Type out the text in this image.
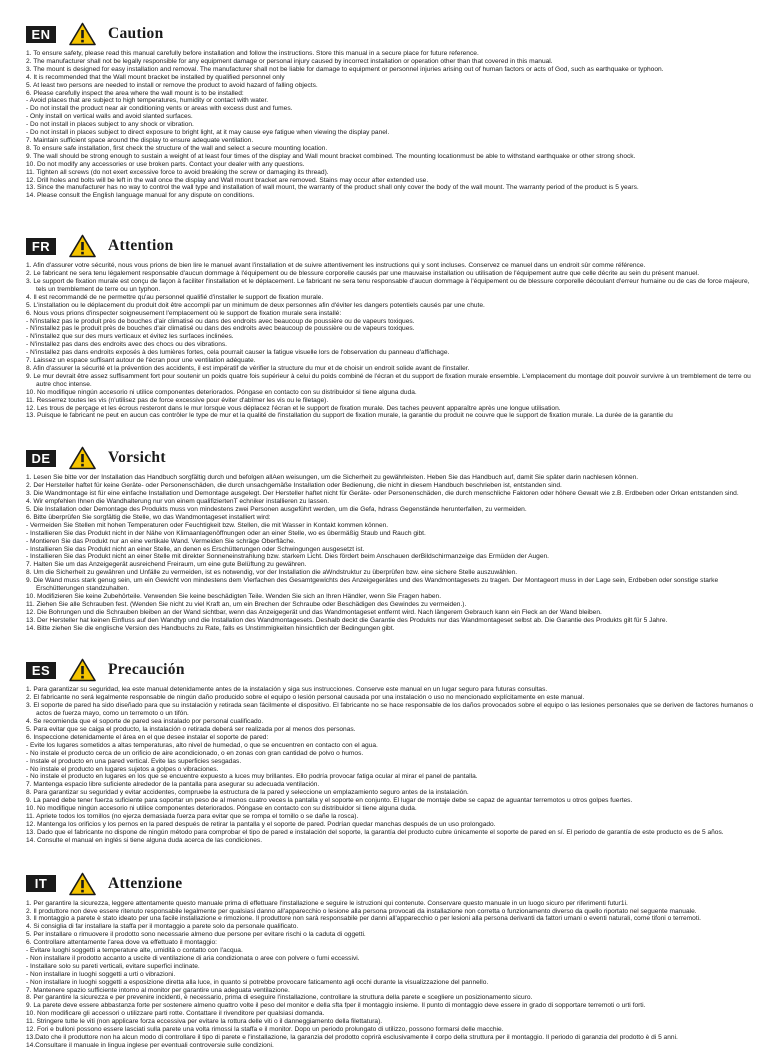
EN	Caution
1. To ensure safety, please read this manual carefully before installation and follow the instructions. Store this manual in a secure place for future reference.
2. The manufacturer shall not be legally responsible for any equipment damage or personal injury caused by incorrect installation or operation other than that covered in this manual.
3. The mount is designed for easy installation and removal. The manufacturer shall not be liable for damage to equipment or personnel injuries arising out of human factors or acts of God, such as earthquake or typhoon.
4. It is recommended that the Wall mount bracket be installed by qualified personnel only
5. At least two persons are needed to install or remove the product to avoid hazard of falling objects.
6. Please carefully inspect the area where the wall mount is to be installed:
- Avoid places that are subject to high temperatures, humidity or contact with water.
- Do not install the product near air conditioning vents or areas with excess dust and fumes.
- Only install on vertical walls and avoid slanted surfaces.
- Do not install in places subject to any shock or vibration.
- Do not install in places subject to direct exposure to bright light, at it may cause eye fatigue when viewing the display panel.
7. Maintain sufficient space around the display to ensure adequate ventilation.
8. To ensure safe installation, first check the structure of the wall and select a secure mounting location.
9. The wall should be strong enough to sustain a weight of at least four times of the display and Wall mount bracket combined. The mounting locationmust be able to withstand earthquake or other strong shock.
10. Do not modify any accessories or use broken parts. Contact your dealer with any questions.
11. Tighten all screws (do not exert excessive force to avoid breaking the screw or damaging its thread).
12. Drill holes and bolts will be left in the wall once the display and Wall mount bracket are removed. Stains may occur after extended use.
13. Since the manufacturer has no way to control the wall type and installation of wall mount, the warranty of the product shall only cover the body of the wall mount. The warranty period of the product is 5 years.
14. Please consult the English language manual for any dispute on conditions.
FR	Attention
1. Afin d'assurer votre sécurité, nous vous prions de bien lire le manuel avant l'installation et de suivre attentivement les instructions qui y sont incluses. Conservez ce manuel dans un endroit sûr comme référence.
2. Le fabricant ne sera tenu légalement responsable d'aucun dommage à l'équipement ou de blessure corporelle causés par une mauvaise installation ou utilisation de l'équipement autre que celle décrite au sein du présent manuel.
3. Le support de fixation murale est conçu de façon à faciliter l'installation et le déplacement. Le fabricant ne sera tenu responsable d'aucun dommage à l'équipement ou de blessure corporelle découlant d'erreur humaine ou de cas de force majeure, tels un tremblement de terre ou un typhon.
4. Il est recommandé de ne permettre qu'au personnel qualifié d'installer le support de fixation murale.
5. L'installation ou le déplacement du produit doit être accompli par un minimum de deux personnes afin d'éviter les dangers potentiels causés par une chute.
6. Nous vous prions d'inspecter soigneusement l'emplacement où le support de fixation murale sera installé:
- N'installez pas le produit près de bouches d'air climatisé ou dans des endroits avec beaucoup de poussière ou de vapeurs toxiques.
- N'installez pas le produit près de bouches d'air climatisé ou dans des endroits avec beaucoup de poussière ou de vapeurs toxiques.
- N'installez que sur des murs verticaux et évitez les surfaces inclinées.
- N'installez pas dans des endroits avec des chocs ou des vibrations.
- N'installez pas dans endroits exposés à des lumières fortes, cela pourrait causer la fatigue visuelle lors de l'observation du panneau d'affichage.
7. Laissez un espace suffisant autour de l'écran pour une ventilation adéquate.
8. Afin d'assurer la sécurité et la prévention des accidents, il est impératif de vérifier la structure du mur et de choisir un endroit solide avant de l'installer.
9. Le mur devrait être assez suffisamment fort pour soutenir un poids quatre fois supérieur à celui du poids combiné de l'écran et du support de fixation murale ensemble. L'emplacement du montage doit pouvoir survivre à un tremblement de terre ou autre choc intense.
10. No modifique ningún accesorio ni utilice componentes deteriorados. Póngase en contacto con su distribuidor si tiene alguna duda.
11. Resserrez toutes les vis (n'utilisez pas de force excessive pour éviter d'abîmer les vis ou le filetage).
12. Les trous de perçage et les écrous resteront dans le mur lorsque vous déplacez l'écran et le support de fixation murale. Des taches peuvent apparaître après une longue utilisation.
13. Puisque le fabricant ne peut en aucun cas contrôler le type de mur et la qualité de l'installation du support de fixation murale, la garantie du produit ne couvre que le support de fixation murale. La durée de la garantie du
DE	Vorsicht
1. Lesen Sie bitte vor der Installation das Handbuch sorgfältig durch und befolgen allAen weisungen, um die Sicherheit zu gewährleisten. Heben Sie das Handbuch auf, damit Sie später darin nachlesen können.
2. Der Hersteller haftet für keine Geräte- oder Personenschäden, die durch unsachgemäße Installation oder Bedienung, die nicht in diesem Handbuch beschrieben ist, entstanden sind.
3. Die Wandmontage ist für eine einfache Installation und Demontage ausgelegt. Der Hersteller haftet nicht für Geräte- oder Personenschäden, die durch menschliche Faktoren oder höhere Gewalt wie z.B. Erdbeben oder Orkan entstanden sind.
4. Wir empfehlen Ihnen die Wandhalterung nur von einem qualifiziertenT echniker installieren zu lassen.
5. Die Installation oder Demontage des Produkts muss von mindestens zwei Personen ausgeführt werden, um die Gefa, hdrass Gegenstände herunterfallen, zu vermeiden.
6. Bitte überprüfen Sie sorgfältig die Stelle, wo das Wandmontageset installiert wird:
- Vermeiden Sie Stellen mit hohen Temperaturen oder Feuchtigkeit bzw. Stellen, die mit Wasser in Kontakt kommen können.
- Installieren Sie das Produkt nicht in der Nähe von Klimaanlagenöffnungen oder an einer Stelle, wo es übermäßig Staub und Rauch gibt.
- Montieren Sie das Produkt nur an eine vertikale Wand. Vermeiden Sie schräge Oberfläche.
- Installieren Sie das Produkt nicht an einer Stelle, an denen es Erschütterungen oder Schwingungen ausgesetzt ist.
- Installieren Sie das Produkt nicht an einer Stelle mit direkter Sonneneinstrahlung bzw. starkem Licht. Dies fördert beim Anschauen derBildschirmanzeige das Ermüden der Augen.
7. Halten Sie um das Anzeigegerät ausreichend Freiraum, um eine gute Belüftung zu gewähren.
8. Um die Sicherheit zu gewähren und Unfälle zu vermeiden, ist es notwendig, vor der Installation die aWndstruktur zu überprüfen bzw. eine sichere Stelle auszuwählen.
9. Die Wand muss stark genug sein, um ein Gewicht von mindestens dem Vierfachen des Gesamtgewichts des Anzeigegerätes und des Wandmontagesets zu tragen. Der Montageort muss in der Lage sein, Erdbeben oder sonstige starke Erschütterungen standzuhalten.
10. Modifizieren Sie keine Zubehörteile. Verwenden Sie keine beschädigten Teile. Wenden Sie sich an Ihren Händler, wenn Sie Fragen haben.
11. Ziehen Sie alle Schrauben fest. (Wenden Sie nicht zu viel Kraft an, um ein Brechen der Schraube oder Beschädigen des Gewindes zu vermeiden.).
12. Die Bohrungen und die Schrauben bleiben an der Wand sichtbar, wenn das Anzeigegerät und das Wandmontageset entfernt wird. Nach längerem Gebrauch kann ein Fleck an der Wand bleiben.
13. Der Hersteller hat keinen Einfluss auf den Wandtyp und die Installation des Wandmontagesets. Deshalb deckt die Garantie des Produkts nur das Wandmontageset selbst ab. Die Garantie des Produkts gilt für 5 Jahre.
14. Bitte ziehen Sie die englische Version des Handbuchs zu Rate, falls es Unstimmigkeiten hinsichtlich der Bedingungen gibt.
ES	Precaución
1. Para garantizar su seguridad, lea este manual detenidamente antes de la instalación y siga sus instrucciones. Conserve este manual en un lugar seguro para futuras consultas.
2. El fabricante no será legalmente responsable de ningún daño producido sobre el equipo o lesión personal causada por una instalación o uso no mencionado explícitamente en este manual.
3. El soporte de pared ha sido diseñado para que su instalación y retirada sean fácilmente el dispositivo. El fabricante no se hace responsable de los daños provocados sobre el equipo o las lesiones personales que se deriven de factores humanos o actos de fuerza mayo, como un terremoto o un tifón.
4. Se recomienda que el soporte de pared sea instalado por personal cualificado.
5. Para evitar que se caiga el producto, la instalación o retirada deberá ser realizada por al menos dos personas.
6. Inspeccione detenidamente el área en el que desee instalar el soporte de pared:
- Evite los lugares sometidos a altas temperaturas, alto nivel de humedad, o que se encuentren en contacto con el agua.
- No instale el producto cerca de un orificio de aire acondicionado, o en zonas con gran cantidad de polvo o humos.
- Instale el producto en una pared vertical. Evite las superficies sesgadas.
- No instale el producto en lugares sujetos a golpes o vibraciones.
- No instale el producto en lugares en los que se encuentre expuesto a luces muy brillantes. Ello podría provocar fatiga ocular al mirar el panel de pantalla.
7. Mantenga espacio libre suficiente alrededor de la pantalla para asegurar su adecuada ventilación.
8. Para garantizar su seguridad y evitar accidentes, compruebe la estructura de la pared y seleccione un emplazamiento seguro antes de la instalación.
9. La pared debe tener fuerza suficiente para soportar un peso de al menos cuatro veces la pantalla y el soporte en conjunto. El lugar de montaje debe se capaz de aguantar terremotos u otros golpes fuertes.
10. No modifique ningún accesorio ni utilice componentes deteriorados. Póngase en contacto con su distribuidor si tiene alguna duda.
11. Apriete todos los tornillos (no ejerza demasiada fuerza para evitar que se rompa el tornillo o se dañe la rosca).
12. Mantenga los orificios y los pernos en la pared después de retirar la pantalla y el soporte de pared. Podrían quedar manchas después de un uso prolongado.
13. Dado que el fabricante no dispone de ningún método para comprobar el tipo de pared e instalación del soporte, la garantía del producto cubre únicamente el soporte de pared en sí. El periodo de garantía de este producto es de 5 años.
14. Consulte el manual en inglés si tiene alguna duda acerca de las condiciones.
IT	Attenzione
1. Per garantire la sicurezza, leggere attentamente questo manuale prima di effettuare l'installazione e seguire le istruzioni qui contenute. Conservare questo manuale in un luogo sicuro per riferimenti futur1i.
2. Il produttore non deve essere ritenuto responsabile legalmente per qualsiasi danno all'apparecchio o lesione alla persona provocati da installazione non corretta o funzionamento diverso da quello riportato nel seguente manuale.
3. Il montaggio a parete è stato ideato per una facile installazione e rimozione. Il produttore non sarà responsabile per danni all'apparecchio o per lesioni alla persona derivanti da fattori umani o eventi naturali, come tifoni o terremoti.
4. Si consiglia di far installare la staffa per il montaggio a parete solo da personale qualificato.
5. Per installare o rimuovere il prodotto sono necessarie almeno due persone per evitare rischi o la caduta di oggetti.
6. Controllare attentamente l'area dove va effettuato il montaggio:
- Evitare luoghi soggetti a temperature alte, umidità o contatto con l'acqua.
- Non installare il prodotto accanto a uscite di ventilazione di aria condizionata o aree con polvere o fumi eccessivi.
- Installare solo su pareti verticali, evitare superfici inclinate.
- Non installare in luoghi soggetti a urti o vibrazioni.
- Non installare in luoghi soggetti a esposizione diretta alla luce, in quanto si potrebbe provocare faticamento agli occhi durante la visualizzazione del pannello.
7. Mantenere spazio sufficiente intorno al monitor per garantire una adeguata ventilazione.
8. Per garantire la sicurezza e per prevenire incidenti, è necessario, prima di eseguire l'installazione, controllare la struttura della parete e scegliere un posizionamento sicuro.
9. La parete deve essere abbastanza forte per sostenere almeno quattro volte il peso del monitor e della sfta fper il montaggio insieme. Il punto di montaggio deve essere in grado di sopportare terremoti o urti forti.
10. Non modificare gli accessori o utilizzare parti rotte. Contattare il rivenditore per qualsiasi domanda.
11. Stringere tutte le viti (non applicare forza eccessiva per evitare la rottura delle viti o il danneggiamento della filettatura).
12. Fori e bulloni possono essere lasciati sulla parete una volta rimossi la staffa e il monitor. Dopo un periodo prolungato di utilizzo, possono formarsi delle macchie.
13.Dato che il produttore non ha alcun modo di controllare il tipo di parete e l'installazione, la garanzia del prodotto coprirà esclusivamente il corpo della struttura per il montaggio. Il periodo di garanzia del prodotto è di 5 anni.
14.Consultare il manuale in lingua inglese per eventuali controversie sulle condizioni.
